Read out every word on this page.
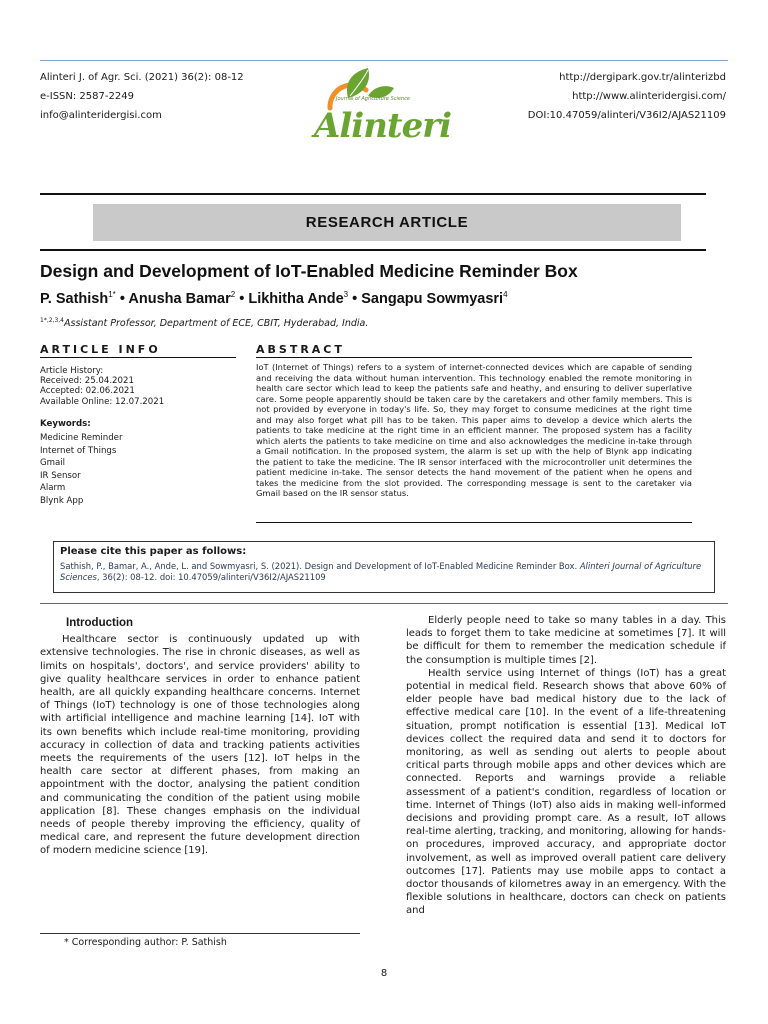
Alinteri J. of Agr. Sci. (2021) 36(2): 08-12
e-ISSN: 2587-2249
info@alinteridergisi.com
Journal of Agriculture Science
Alinteri
http://dergipark.gov.tr/alinterizbd
http://www.alinteridergisi.com/
DOI:10.47059/alinteri/V36I2/AJAS21109
RESEARCH ARTICLE
Design and Development of IoT-Enabled Medicine Reminder Box
P. Sathish$^{1*}$ • Anusha Bamar$^2$ • Likhitha Ande$^3$ • Sangapu Sowmyasri$^4$
$^{1*,2,3,4}$Assistant Professor, Department of ECE, CBIT, Hyderabad, India.
ARTICLE INFO	ABSTRACT
Article History:
Received: 25.04.2021
Accepted: 02.06.2021
Available Online: 12.07.2021
Keywords:
Medicine Reminder
Internet of Things
Gmail
IR Sensor
Alarm
Blynk App
IoT (Internet of Things) refers to a system of internet-connected devices which are capable of sending and receiving the data without human intervention. This technology enabled the remote monitoring in health care sector which lead to keep the patients safe and heathy, and ensuring to deliver superlative care. Some people apparently should be taken care by the caretakers and other family members. This is not provided by everyone in today's life. So, they may forget to consume medicines at the right time and may also forget what pill has to be taken. This paper aims to develop a device which alerts the patients to take medicine at the right time in an efficient manner. The proposed system has a facility which alerts the patients to take medicine on time and also acknowledges the medicine in-take through a Gmail notification. In the proposed system, the alarm is set up with the help of Blynk app indicating the patient to take the medicine. The IR sensor interfaced with the microcontroller unit determines the patient medicine in-take. The sensor detects the hand movement of the patient when he opens and takes the medicine from the slot provided. The corresponding message is sent to the caretaker via Gmail based on the IR sensor status.
Please cite this paper as follows:
Sathish, P., Bamar, A., Ande, L. and Sowmyasri, S. (2021). Design and Development of IoT-Enabled Medicine Reminder Box. Alinteri Journal of Agriculture Sciences, 36(2): 08-12. doi: 10.47059/alinteri/V36I2/AJAS21109
Introduction

Healthcare sector is continuously updated up with extensive technologies. The rise in chronic diseases, as well as limits on hospitals', doctors', and service providers' ability to give quality healthcare services in order to enhance patient health, are all quickly expanding healthcare concerns. Internet of Things (IoT) technology is one of those technologies along with artificial intelligence and machine learning [14]. IoT with its own benefits which include real-time monitoring, providing accuracy in collection of data and tracking patients activities meets the requirements of the users [12]. IoT helps in the health care sector at different phases, from making an appointment with the doctor, analysing the patient condition and communicating the condition of the patient using mobile application [8]. These changes emphasis on the individual needs of people thereby improving the efficiency, quality of medical care, and represent the future development direction of modern medicine science [19].

Elderly people need to take so many tables in a day. This leads to forget them to take medicine at sometimes [7]. It will be difficult for them to remember the medication schedule if the consumption is multiple times [2].

Health service using Internet of things (IoT) has a great potential in medical field. Research shows that above 60% of elder people have bad medical history due to the lack of effective medical care [10]. In the event of a life-threatening situation, prompt notification is essential [13]. Medical IoT devices collect the required data and send it to doctors for monitoring, as well as sending out alerts to people about critical parts through mobile apps and other devices which are connected. Reports and warnings provide a reliable assessment of a patient's condition, regardless of location or time. Internet of Things (IoT) also aids in making well-informed decisions and providing prompt care. As a result, IoT allows real-time alerting, tracking, and monitoring, allowing for hands-on procedures, improved accuracy, and appropriate doctor involvement, as well as improved overall patient care delivery outcomes [17]. Patients may use mobile apps to contact a doctor thousands of kilometres away in an emergency. With the flexible solutions in healthcare, doctors can check on patients and

* Corresponding author: P. Sathish
8
